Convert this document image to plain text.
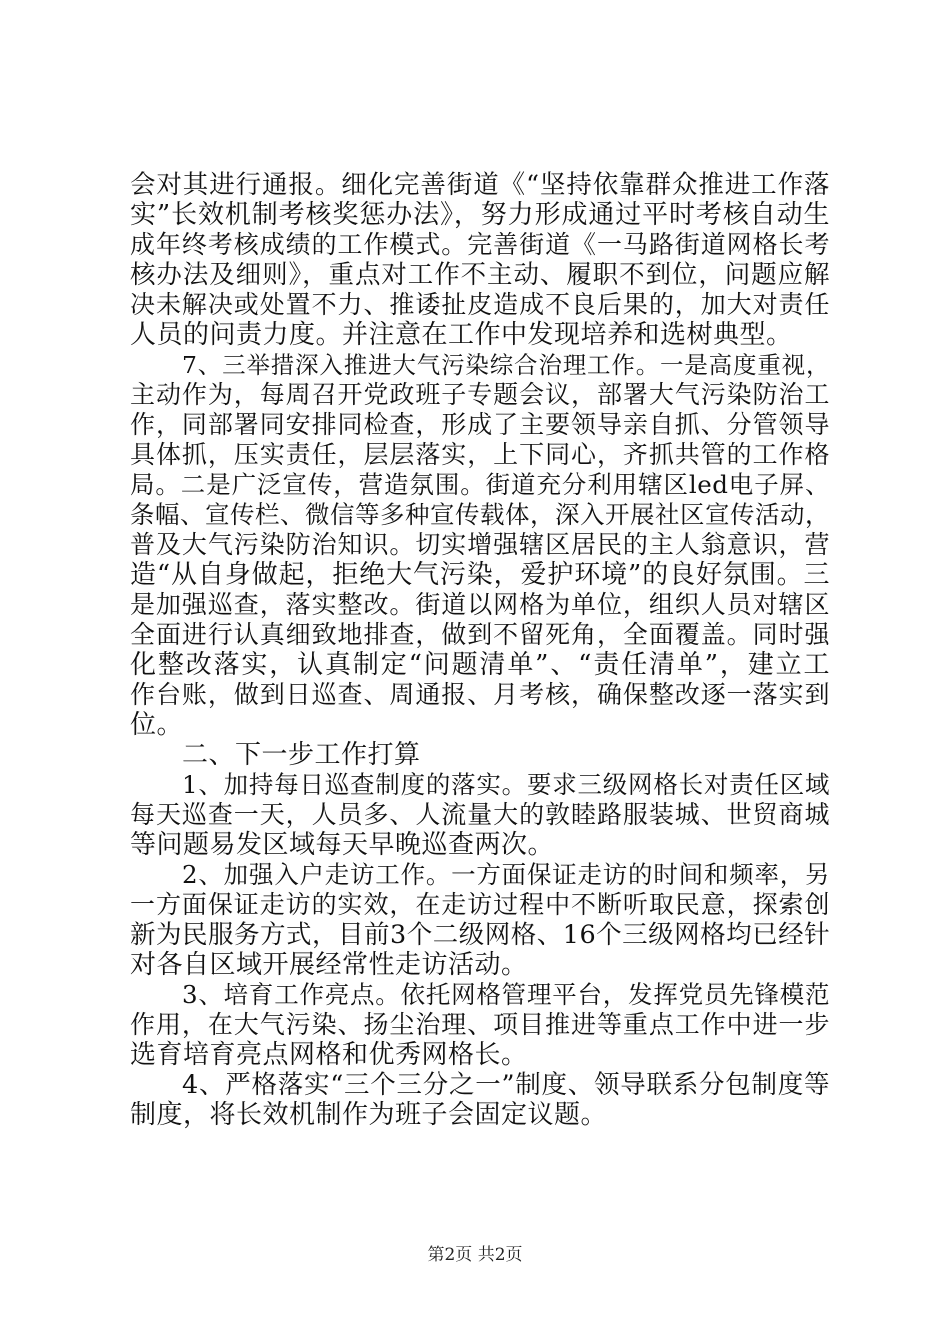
会对其进行通报。细化完善街道《“坚持依靠群众推进工作落
实”长效机制考核奖惩办法》，努力形成通过平时考核自动生
成年终考核成绩的工作模式。完善街道《一马路街道网格长考
核办法及细则》，重点对工作不主动、履职不到位，问题应解
决未解决或处置不力、推诿扯皮造成不良后果的，加大对责任
人员的问责力度。并注意在工作中发现培养和选树典型。
7、三举措深入推进大气污染综合治理工作。一是高度重视，
主动作为，每周召开党政班子专题会议，部署大气污染防治工
作，同部署同安排同检查，形成了主要领导亲自抓、分管领导
具体抓，压实责任，层层落实，上下同心，齐抓共管的工作格
局。二是广泛宣传，营造氛围。街道充分利用辖区led电子屏、
条幅、宣传栏、微信等多种宣传载体，深入开展社区宣传活动，
普及大气污染防治知识。切实增强辖区居民的主人翁意识，营
造“从自身做起，拒绝大气污染，爱护环境”的良好氛围。三
是加强巡查，落实整改。街道以网格为单位，组织人员对辖区
全面进行认真细致地排查，做到不留死角，全面覆盖。同时强
化整改落实，认真制定“问题清单”、“责任清单”，建立工
作台账，做到日巡查、周通报、月考核，确保整改逐一落实到
位。
二、下一步工作打算
1、加持每日巡查制度的落实。要求三级网格长对责任区域
每天巡查一天，人员多、人流量大的敦睦路服装城、世贸商城
等问题易发区域每天早晚巡查两次。
2、加强入户走访工作。一方面保证走访的时间和频率，另
一方面保证走访的实效，在走访过程中不断听取民意，探索创
新为民服务方式，目前3个二级网格、16个三级网格均已经针
对各自区域开展经常性走访活动。
3、培育工作亮点。依托网格管理平台，发挥党员先锋模范
作用，在大气污染、扬尘治理、项目推进等重点工作中进一步
选育培育亮点网格和优秀网格长。
4、严格落实“三个三分之一”制度、领导联系分包制度等
制度，将长效机制作为班子会固定议题。
第2页 共2页
